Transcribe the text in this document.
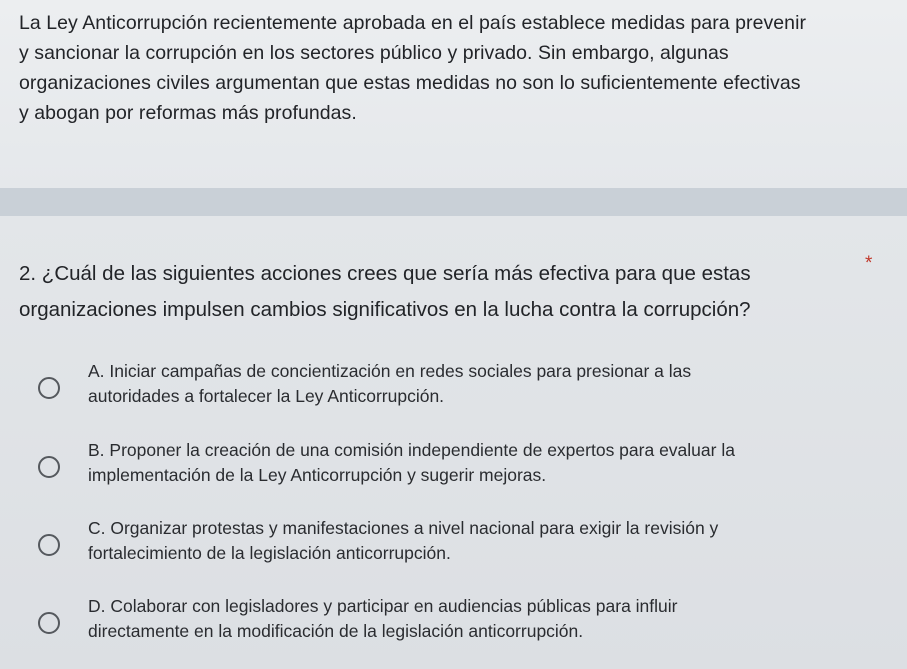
La Ley Anticorrupción recientemente aprobada en el país establece medidas para prevenir
y sancionar la corrupción en los sectores público y privado. Sin embargo, algunas
organizaciones civiles argumentan que estas medidas no son lo suficientemente efectivas
y abogan por reformas más profundas.
2. ¿Cuál de las siguientes acciones crees que sería más efectiva para que estas
organizaciones impulsen cambios significativos en la lucha contra la corrupción?
*
A. Iniciar campañas de concientización en redes sociales para presionar a las
autoridades a fortalecer la Ley Anticorrupción.
B. Proponer la creación de una comisión independiente de expertos para evaluar la
implementación de la Ley Anticorrupción y sugerir mejoras.
C. Organizar protestas y manifestaciones a nivel nacional para exigir la revisión y
fortalecimiento de la legislación anticorrupción.
D. Colaborar con legisladores y participar en audiencias públicas para influir
directamente en la modificación de la legislación anticorrupción.
